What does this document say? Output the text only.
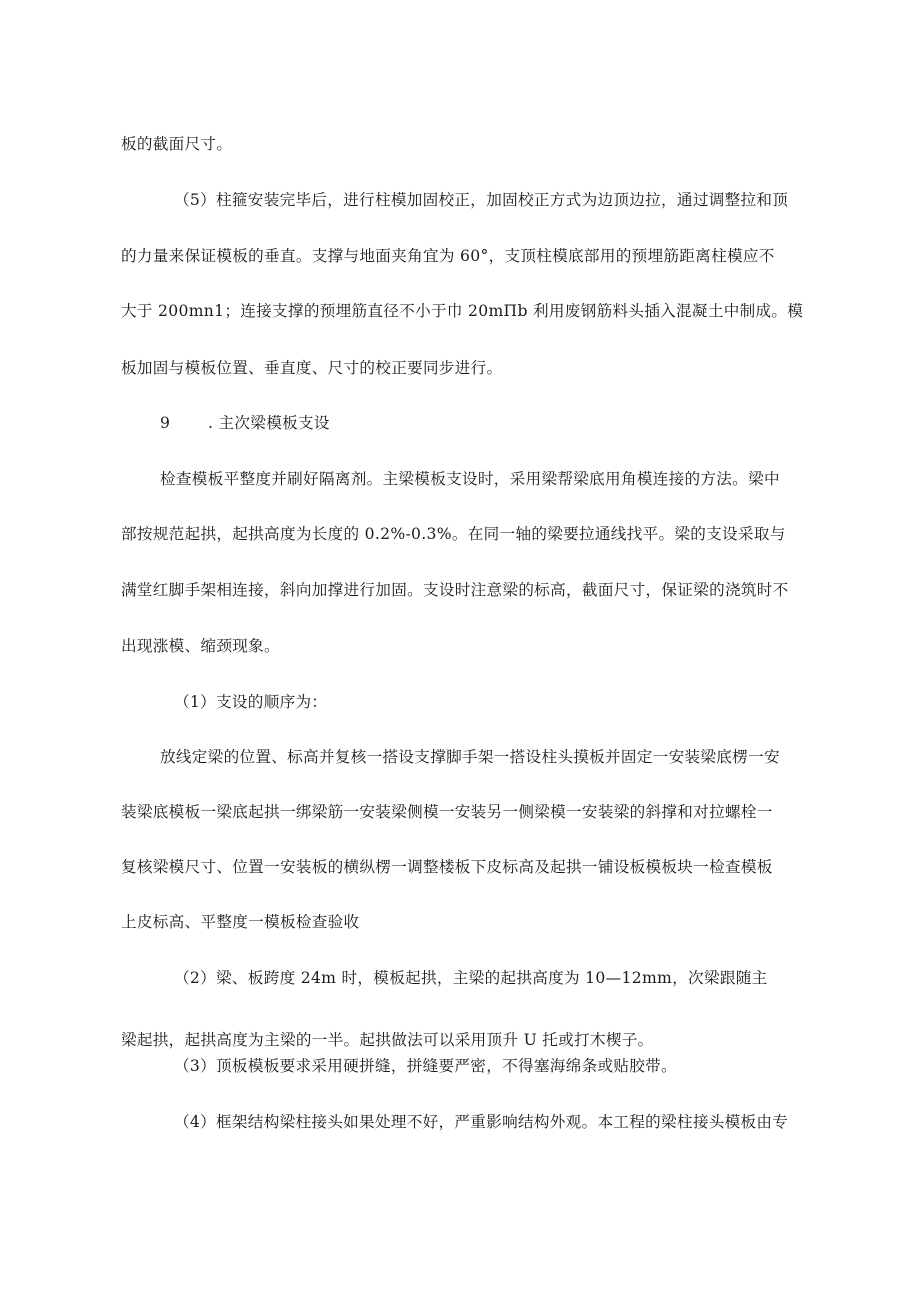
板的截面尺寸。
（5）柱箍安装完毕后，进行柱模加固校正，加固校正方式为边顶边拉，通过调整拉和顶
的力量来保证模板的垂直。支撑与地面夹角宜为 60°，支顶柱模底部用的预埋筋距离柱模应不
大于 200mn1；连接支撑的预埋筋直径不小于巾 20mΠb 利用废钢筋料头插入混凝土中制成。模
板加固与模板位置、垂直度、尺寸的校正要同步进行。
9 . 主次梁模板支设
检查模板平整度并刷好隔离剂。主梁模板支设时，采用梁帮梁底用角模连接的方法。梁中
部按规范起拱，起拱高度为长度的 0.2%-0.3%。在同一轴的梁要拉通线找平。梁的支设采取与
满堂红脚手架相连接，斜向加撑进行加固。支设时注意梁的标高，截面尺寸，保证梁的浇筑时不
出现涨模、缩颈现象。
（1）支设的顺序为：
放线定梁的位置、标高并复核一搭设支撑脚手架一搭设柱头摸板并固定一安装梁底楞一安
装梁底模板一梁底起拱一绑梁筋一安装梁侧模一安装另一侧梁模一安装梁的斜撑和对拉螺栓一
复核梁模尺寸、位置一安装板的横纵楞一调整楼板下皮标高及起拱一铺设板模板块一检查模板
上皮标高、平整度一模板检查验收
（2）梁、板跨度 24m 时，模板起拱，主梁的起拱高度为 10—12mm，次梁跟随主
梁起拱，起拱高度为主梁的一半。起拱做法可以采用顶升 U 托或打木楔子。
（3）顶板模板要求采用硬拼缝，拼缝要严密，不得塞海绵条或贴胶带。
（4）框架结构梁柱接头如果处理不好，严重影响结构外观。本工程的梁柱接头模板由专
